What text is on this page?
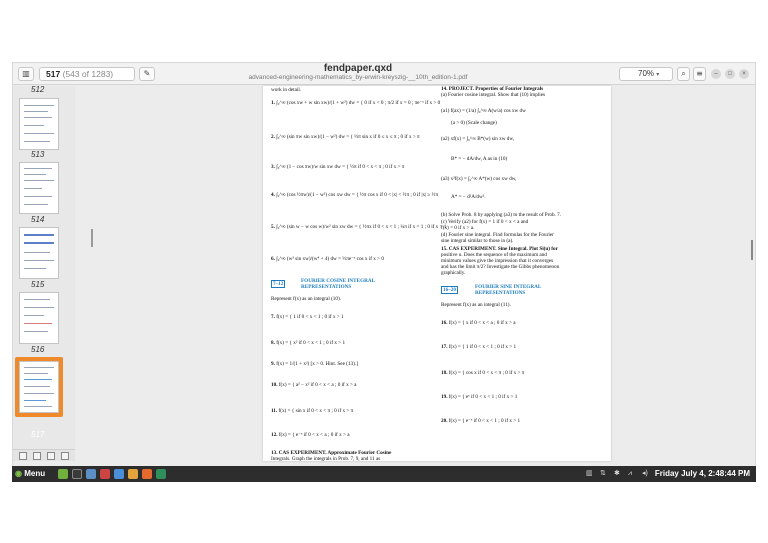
▥	517 (543 of 1283)	✎	fendpaper.qxd
advanced-engineering-mathematics_by-erwin-kreyszig-__10th_edition-1.pdf	70% ▾	⌕	≡	–	□	×
512
513
514
515
516
517
work in detail.
1. ∫₀^∞ (cos xw + w sin xw)/(1 + w²) dw = { 0 if x < 0 ; π/2 if x = 0 ; πe⁻ˣ if x > 0
2. ∫₀^∞ (sin πw sin xw)/(1 − w²) dw = { ½π sin x if 0 ≤ x ≤ π ; 0 if x > π
3. ∫₀^∞ (1 − cos πw)/w sin xw dw = { ½π if 0 < x < π ; 0 if x > π
4. ∫₀^∞ (cos ½πw)/(1 − w²) cos xw dw = { ½π cos x if 0 < |x| < ½π ; 0 if |x| ≥ ½π
5. ∫₀^∞ (sin w − w cos w)/w² sin xw dw = { ½πx if 0 < x < 1 ; ¼π if x = 1 ; 0 if x > 1
6. ∫₀^∞ (w³ sin xw)/(w⁴ + 4) dw = ½πe⁻ˣ cos x if x > 0
7–12	FOURIER COSINE INTEGRAL
REPRESENTATIONS
Represent f(x) as an integral (10).
7. f(x) = { 1 if 0 < x < 1 ; 0 if x > 1
8. f(x) = { x² if 0 < x < 1 ; 0 if x > 1
9. f(x) = 1/(1 + x²) [x > 0. Hint. See (13).]
10. f(x) = { a² − x² if 0 < x < a ; 0 if x > a
11. f(x) = { sin x if 0 < x < π ; 0 if x > π
12. f(x) = { e⁻ˣ if 0 < x < a ; 0 if x > a
13. CAS EXPERIMENT. Approximate Fourier Cosine
Integrals. Graph the integrals in Prob. 7, 9, and 11 as
14. PROJECT. Properties of Fourier Integrals
(a) Fourier cosine integral. Show that (10) implies
(a1) f(ax) = (1/a) ∫₀^∞ A(w/a) cos xw dw
(a > 0) (Scale change)
(a2) xf(x) = ∫₀^∞ B*(w) sin xw dw,
B* = − dA/dw, A as in (10)
(a3) x²f(x) = ∫₀^∞ A*(w) cos xw dw,
A* = − d²A/dw².
(b) Solve Prob. 8 by applying (a3) to the result of Prob. 7.
(c) Verify (a2) for f(x) = 1 if 0 < x < a and
f(x) = 0 if x > a.
(d) Fourier sine integral. Find formulas for the Fourier
sine integral similar to those in (a).
15. CAS EXPERIMENT. Sine Integral. Plot Si(u) for
positive u. Does the sequence of the maximum and
minimum values give the impression that it converges
and has the limit π/2? Investigate the Gibbs phenomenon
graphically.
16–20	FOURIER SINE INTEGRAL
REPRESENTATIONS
Represent f(x) as an integral (11).
16. f(x) = { x if 0 < x < a ; 0 if x > a
17. f(x) = { 1 if 0 < x < 1 ; 0 if x > 1
18. f(x) = { cos x if 0 < x < π ; 0 if x > π
19. f(x) = { eˣ if 0 < x < 1 ; 0 if x > 1
20. f(x) = { e⁻ˣ if 0 < x < 1 ; 0 if x > 1
◉ Menu	▥ ⇅ ✱ ⩘ ◂) Friday July 4, 2:48:44 PM
